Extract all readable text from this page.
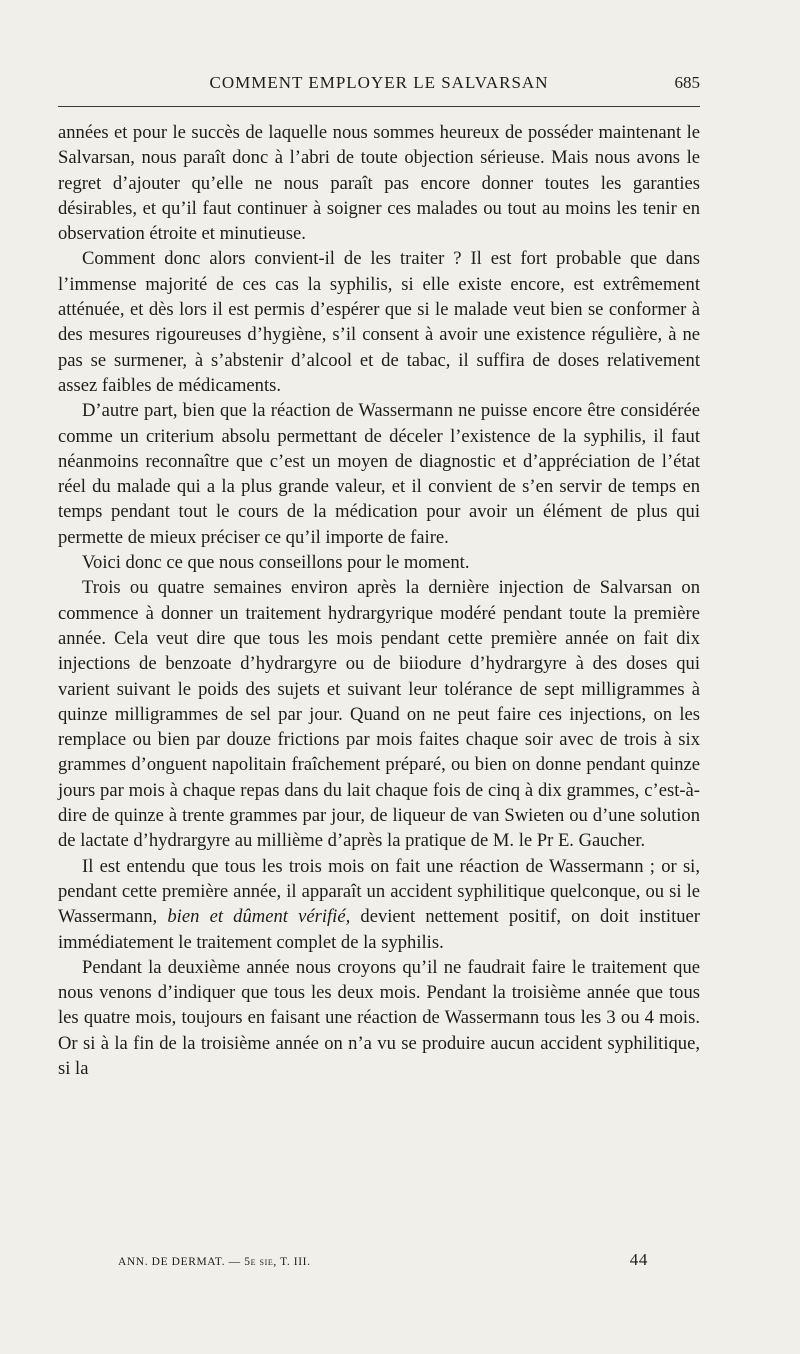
COMMENT EMPLOYER LE SALVARSAN	685

années et pour le succès de laquelle nous sommes heureux de posséder maintenant le Salvarsan, nous paraît donc à l’abri de toute objection sérieuse. Mais nous avons le regret d’ajouter qu’elle ne nous paraît pas encore donner toutes les garanties désirables, et qu’il faut continuer à soigner ces malades ou tout au moins les tenir en observation étroite et minutieuse.

Comment donc alors convient-il de les traiter ? Il est fort probable que dans l’immense majorité de ces cas la syphilis, si elle existe encore, est extrêmement atténuée, et dès lors il est permis d’espérer que si le malade veut bien se conformer à des mesures rigoureuses d’hygiène, s’il consent à avoir une existence régulière, à ne pas se surmener, à s’abstenir d’alcool et de tabac, il suffira de doses relativement assez faibles de médicaments.

D’autre part, bien que la réaction de Wassermann ne puisse encore être considérée comme un criterium absolu permettant de déceler l’existence de la syphilis, il faut néanmoins reconnaître que c’est un moyen de diagnostic et d’appréciation de l’état réel du malade qui a la plus grande valeur, et il convient de s’en servir de temps en temps pendant tout le cours de la médication pour avoir un élément de plus qui permette de mieux préciser ce qu’il importe de faire.

Voici donc ce que nous conseillons pour le moment.

Trois ou quatre semaines environ après la dernière injection de Salvarsan on commence à donner un traitement hydrargyrique modéré pendant toute la première année. Cela veut dire que tous les mois pendant cette première année on fait dix injections de benzoate d’hydrargyre ou de biiodure d’hydrargyre à des doses qui varient suivant le poids des sujets et suivant leur tolérance de sept milligrammes à quinze milligrammes de sel par jour. Quand on ne peut faire ces injections, on les remplace ou bien par douze frictions par mois faites chaque soir avec de trois à six grammes d’onguent napolitain fraîchement préparé, ou bien on donne pendant quinze jours par mois à chaque repas dans du lait chaque fois de cinq à dix grammes, c’est-à-dire de quinze à trente grammes par jour, de liqueur de van Swieten ou d’une solution de lactate d’hydrargyre au millième d’après la pratique de M. le Pr E. Gaucher.

Il est entendu que tous les trois mois on fait une réaction de Wassermann ; or si, pendant cette première année, il apparaît un accident syphilitique quelconque, ou si le Wassermann, bien et dûment vérifié, devient nettement positif, on doit instituer immédiatement le traitement complet de la syphilis.

Pendant la deuxième année nous croyons qu’il ne faudrait faire le traitement que nous venons d’indiquer que tous les deux mois. Pendant la troisième année que tous les quatre mois, toujours en faisant une réaction de Wassermann tous les 3 ou 4 mois. Or si à la fin de la troisième année on n’a vu se produire aucun accident syphilitique, si la

ANN. DE DERMAT. — 5e sie, T. III.	44
